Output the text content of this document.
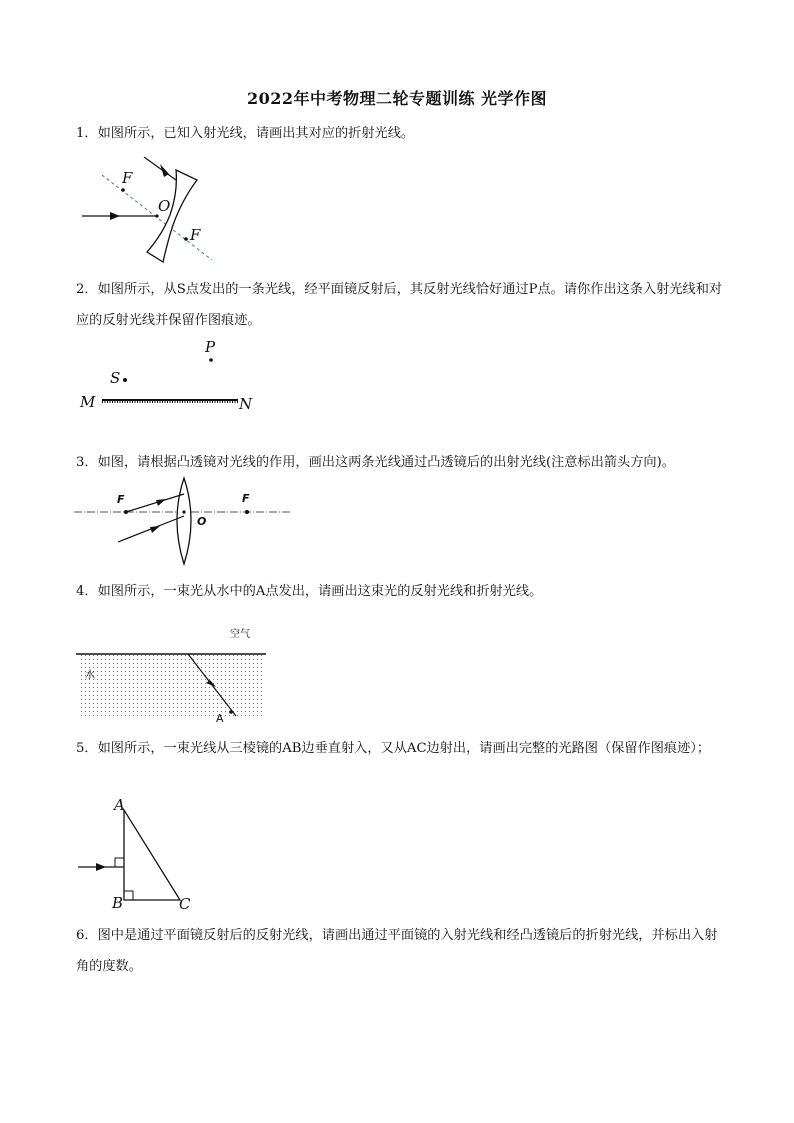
2022年中考物理二轮专题训练 光学作图
1．如图所示，已知入射光线，请画出其对应的折射光线。
F
F
O
2．如图所示，从S点发出的一条光线，经平面镜反射后，其反射光线恰好通过P点。请你作出这条入射光线和对应的反射光线并保留作图痕迹。
P
S
M	N
3．如图，请根据凸透镜对光线的作用，画出这两条光线通过凸透镜后的出射光线(注意标出箭头方向)。
F	F
O
4．如图所示，一束光从水中的A点发出，请画出这束光的反射光线和折射光线。
空气
水
A
5．如图所示，一束光线从三棱镜的AB边垂直射入，又从AC边射出，请画出完整的光路图（保留作图痕迹）；
A
B	C
6．图中是通过平面镜反射后的反射光线，请画出通过平面镜的入射光线和经凸透镜后的折射光线，并标出入射角的度数。
